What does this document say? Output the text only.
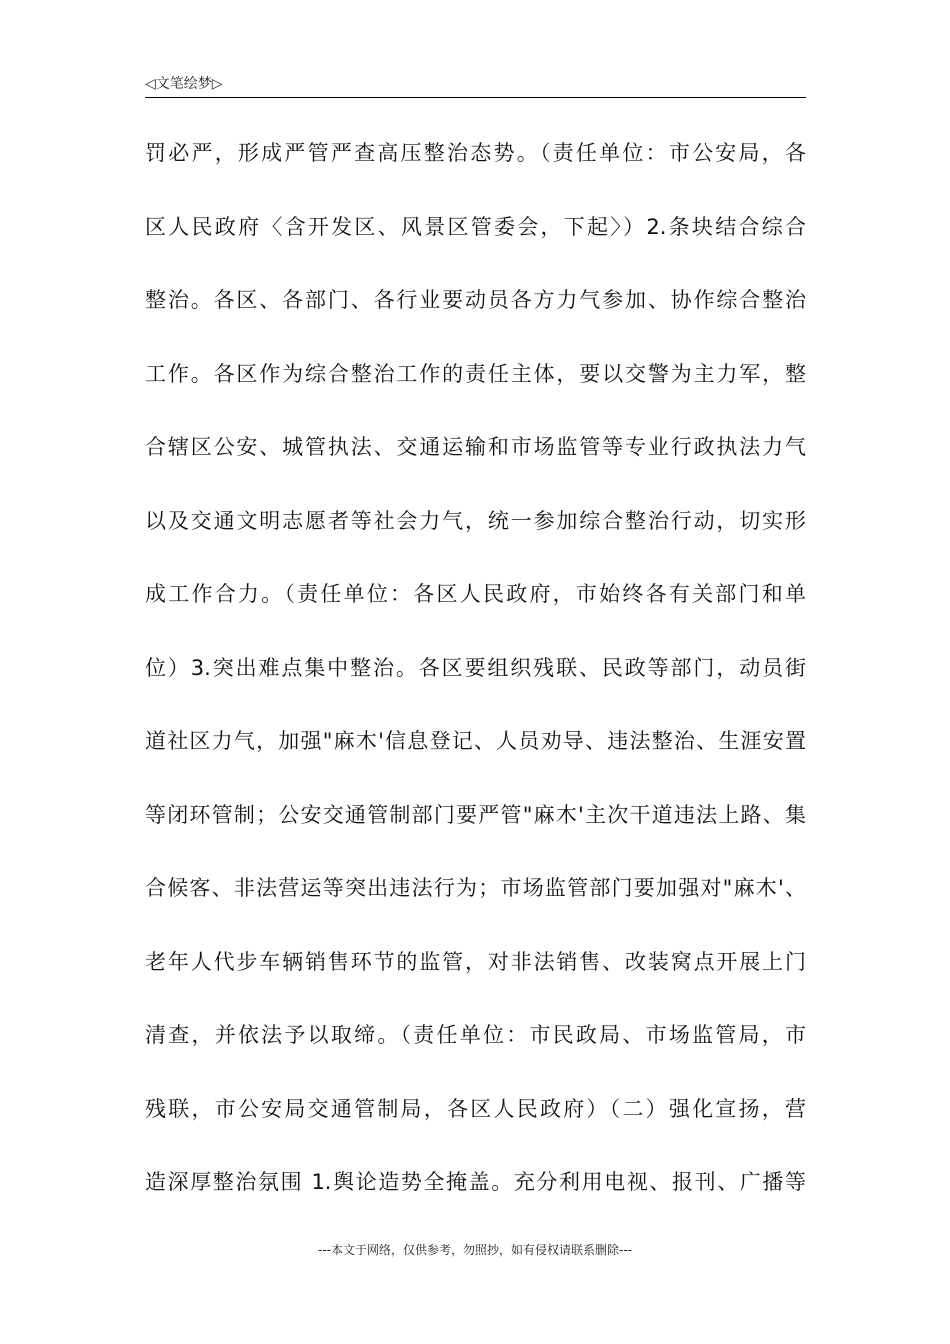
◁文笔绘梦▷
罚必严，形成严管严查高压整治态势。（责任单位：市公安局，各
区人民政府〈含开发区、风景区管委会，下起〉）2.条块结合综合
整治。各区、各部门、各行业要动员各方力气参加、协作综合整治
工作。各区作为综合整治工作的责任主体，要以交警为主力军，整
合辖区公安、城管执法、交通运输和市场监管等专业行政执法力气
以及交通文明志愿者等社会力气，统一参加综合整治行动，切实形
成工作合力。（责任单位：各区人民政府，市始终各有关部门和单
位）3.突出难点集中整治。各区要组织残联、民政等部门，动员街
道社区力气，加强"麻木'信息登记、人员劝导、违法整治、生涯安置
等闭环管制；公安交通管制部门要严管"麻木'主次干道违法上路、集
合候客、非法营运等突出违法行为；市场监管部门要加强对"麻木'、
老年人代步车辆销售环节的监管，对非法销售、改装窝点开展上门
清查，并依法予以取缔。（责任单位：市民政局、市场监管局，市
残联，市公安局交通管制局，各区人民政府）（二）强化宣扬，营
造深厚整治氛围 1.舆论造势全掩盖。充分利用电视、报刊、广播等
---本文于网络，仅供参考，勿照抄，如有侵权请联系删除---
